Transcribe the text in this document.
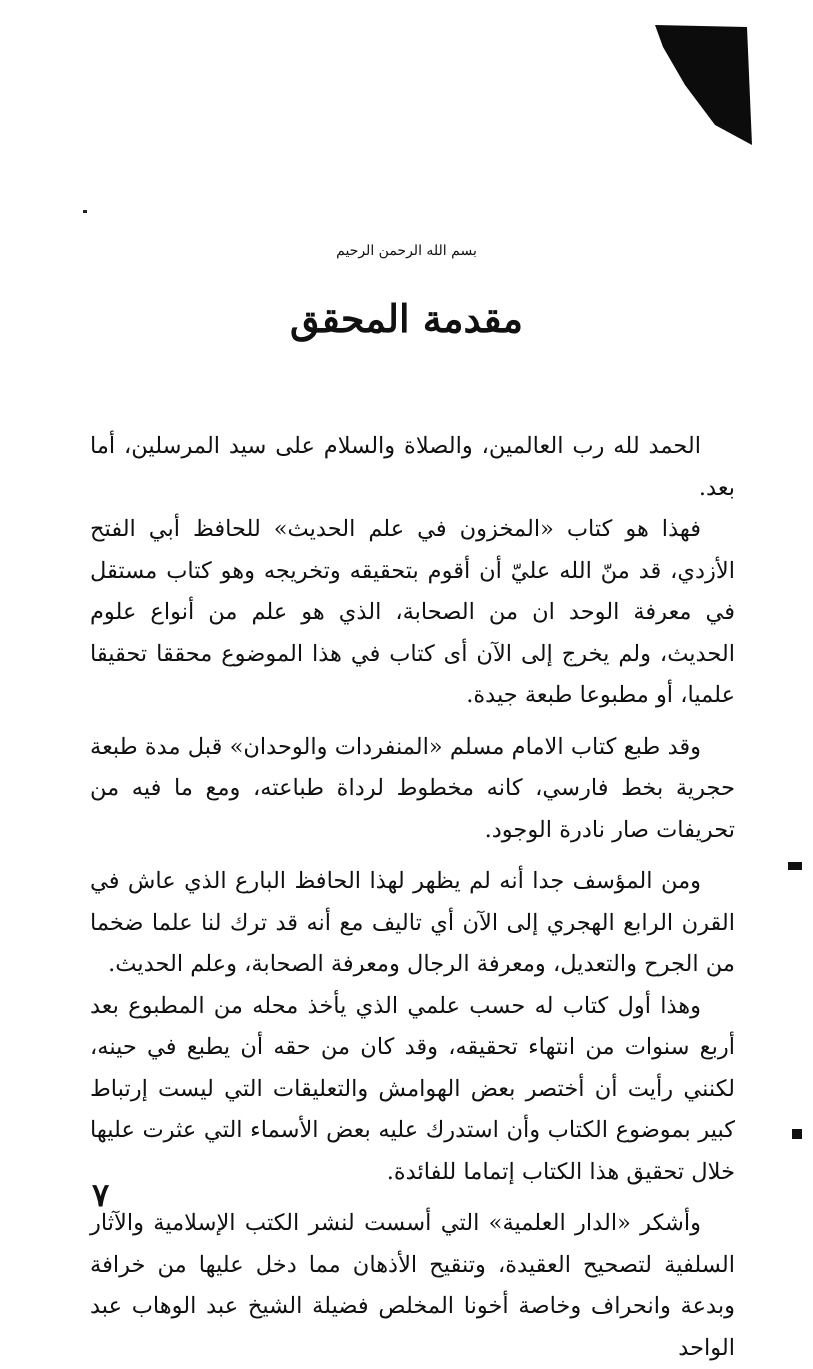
بسم الله الرحمن الرحيم
مقدمة المحقق

الحمد لله رب العالمين، والصلاة والسلام على سيد المرسلين، أما بعد.

فهذا هو كتاب «المخزون في علم الحديث» للحافظ أبي الفتح الأزدي، قد منّ الله عليّ أن أقوم بتحقيقه وتخريجه وهو كتاب مستقل في معرفة الوحد ان من الصحابة، الذي هو علم من أنواع علوم الحديث، ولم يخرج إلى الآن أى كتاب في هذا الموضوع محققا تحقيقا علميا، أو مطبوعا طبعة جيدة.

وقد طبع كتاب الامام مسلم «المنفردات والوحدان» قبل مدة طبعة حجرية بخط فارسي، كانه مخطوط لرداة طباعته، ومع ما فيه من تحريفات صار نادرة الوجود.

ومن المؤسف جدا أنه لم يظهر لهذا الحافظ البارع الذي عاش في القرن الرابع الهجري إلى الآن أي تاليف مع أنه قد ترك لنا علما ضخما من الجرح والتعديل، ومعرفة الرجال ومعرفة الصحابة، وعلم الحديث.

وهذا أول كتاب له حسب علمي الذي يأخذ محله من المطبوع بعد أربع سنوات من انتهاء تحقيقه، وقد كان من حقه أن يطبع في حينه، لكنني رأيت أن أختصر بعض الهوامش والتعليقات التي ليست إرتباط كبير بموضوع الكتاب وأن استدرك عليه بعض الأسماء التي عثرت عليها خلال تحقيق هذا الكتاب إتماما للفائدة.

وأشكر «الدار العلمية» التي أسست لنشر الكتب الإسلامية والآثار السلفية لتصحيح العقيدة، وتنقيح الأذهان مما دخل عليها من خرافة وبدعة وانحراف وخاصة أخونا المخلص فضيلة الشيخ عبد الوهاب عبد الواحد

٧
